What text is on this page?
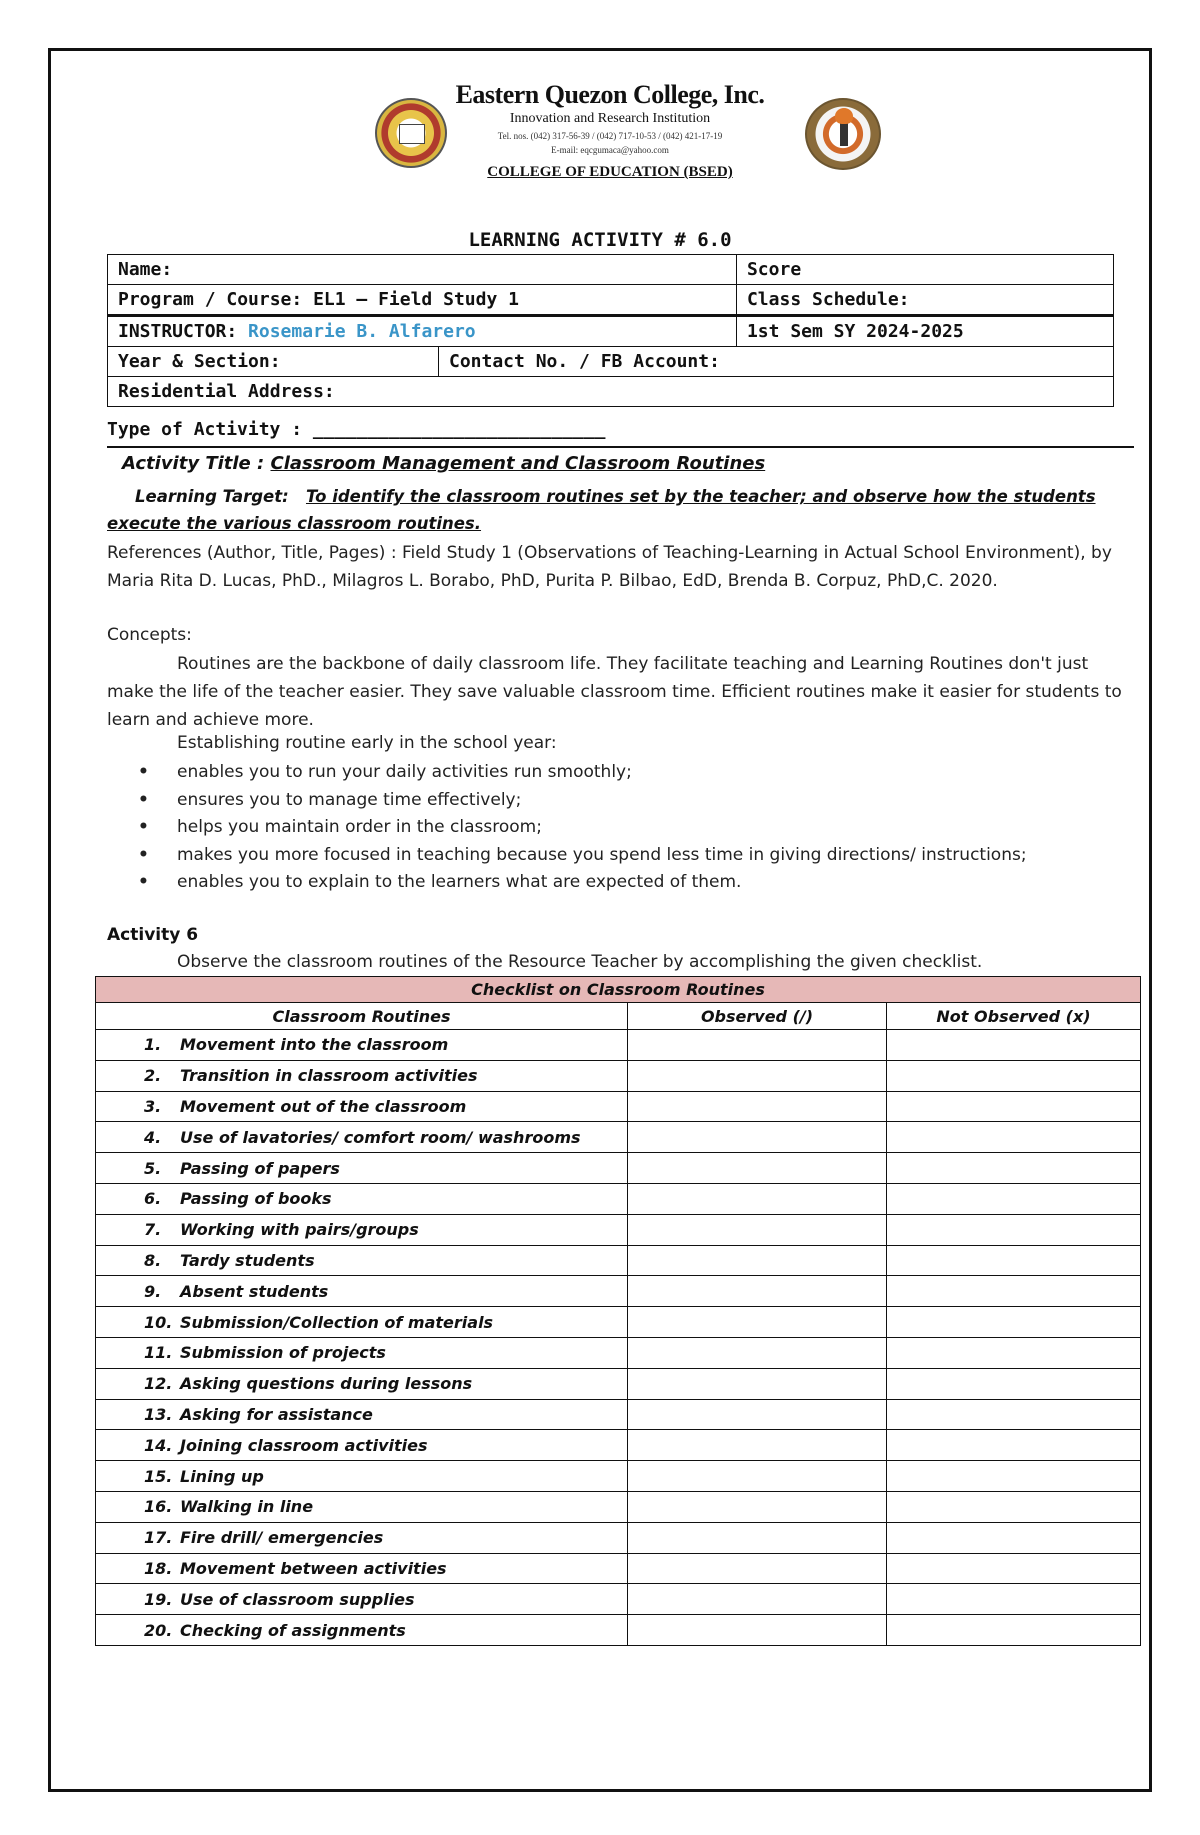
Eastern Quezon College, Inc.
Innovation and Research Institution
Tel. nos. (042) 317-56-39 / (042) 717-10-53 / (042) 421-17-19
E-mail: eqcgumaca@yahoo.com
COLLEGE OF EDUCATION (BSED)
LEARNING ACTIVITY # 6.0
Name:		Score
Program / Course: EL1 – Field Study 1		Class Schedule:
INSTRUCTOR: Rosemarie B. Alfarero		1st Sem SY 2024-2025
Year & Section:	Contact No. / FB Account:	
Residential Address:		
Type of Activity : ___________________________
Activity Title : Classroom Management and Classroom Routines
Learning Target: To identify the classroom routines set by the teacher; and observe how the students execute the various classroom routines.
References (Author, Title, Pages) : Field Study 1 (Observations of Teaching-Learning in Actual School Environment), by Maria Rita D. Lucas, PhD., Milagros L. Borabo, PhD, Purita P. Bilbao, EdD, Brenda B. Corpuz, PhD,C. 2020.
Concepts:
Routines are the backbone of daily classroom life. They facilitate teaching and Learning Routines don't just make the life of the teacher easier. They save valuable classroom time. Efficient routines make it easier for students to learn and achieve more.
Establishing routine early in the school year:
• enables you to run your daily activities run smoothly;
• ensures you to manage time effectively;
• helps you maintain order in the classroom;
• makes you more focused in teaching because you spend less time in giving directions/ instructions;
• enables you to explain to the learners what are expected of them.
Activity 6
Observe the classroom routines of the Resource Teacher by accomplishing the given checklist.
Checklist on Classroom Routines		
Classroom Routines	Observed (/)	Not Observed (x)
1. Movement into the classroom		
2. Transition in classroom activities		
3. Movement out of the classroom		
4. Use of lavatories/ comfort room/ washrooms		
5. Passing of papers		
6. Passing of books		
7. Working with pairs/groups		
8. Tardy students		
9. Absent students		
10. Submission/Collection of materials		
11. Submission of projects		
12. Asking questions during lessons		
13. Asking for assistance		
14. Joining classroom activities		
15. Lining up		
16. Walking in line		
17. Fire drill/ emergencies		
18. Movement between activities		
19. Use of classroom supplies		
20. Checking of assignments		
